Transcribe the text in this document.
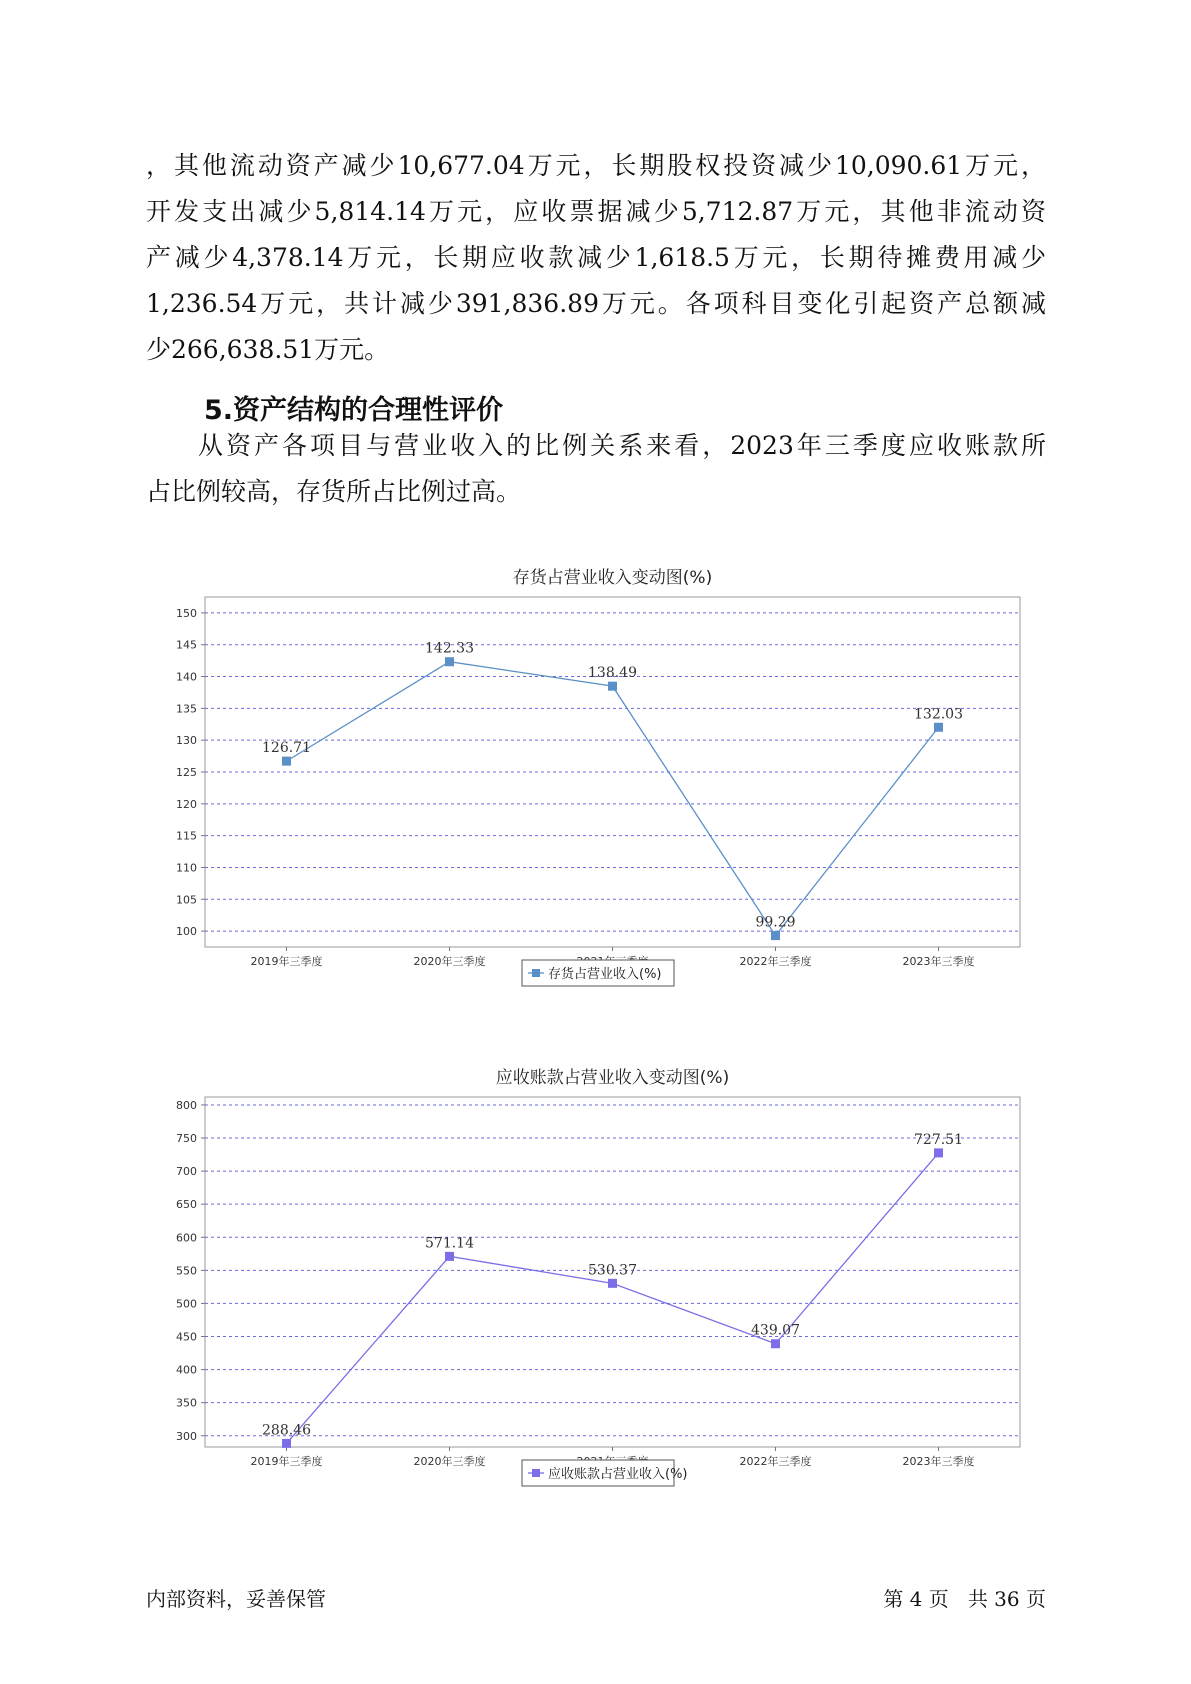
，其他流动资产减少10,677.04万元，长期股权投资减少10,090.61万元，
开发支出减少5,814.14万元，应收票据减少5,712.87万元，其他非流动资
产减少4,378.14万元，长期应收款减少1,618.5万元，长期待摊费用减少
1,236.54万元，共计减少391,836.89万元。各项科目变化引起资产总额减
少266,638.51万元。
5.资产结构的合理性评价
从资产各项目与营业收入的比例关系来看，2023年三季度应收账款所
占比例较高，存货所占比例过高。
存货占营业收入变动图(%)
150
145
140
135
130
125
120
115
110
105
100
2019年三季度	2020年三季度	2022年三季度	2023年三季度
126.71
142.33
138.49
99.29
132.03
存货占营业收入(%)
应收账款占营业收入变动图(%)
800
750
700
650
600
550
500
450
400
350
300
2019年三季度	2020年三季度	2022年三季度	2023年三季度
288.46
571.14
530.37
439.07
727.51
应收账款占营业收入(%)
内部资料，妥善保管	第 4 页   共 36 页
